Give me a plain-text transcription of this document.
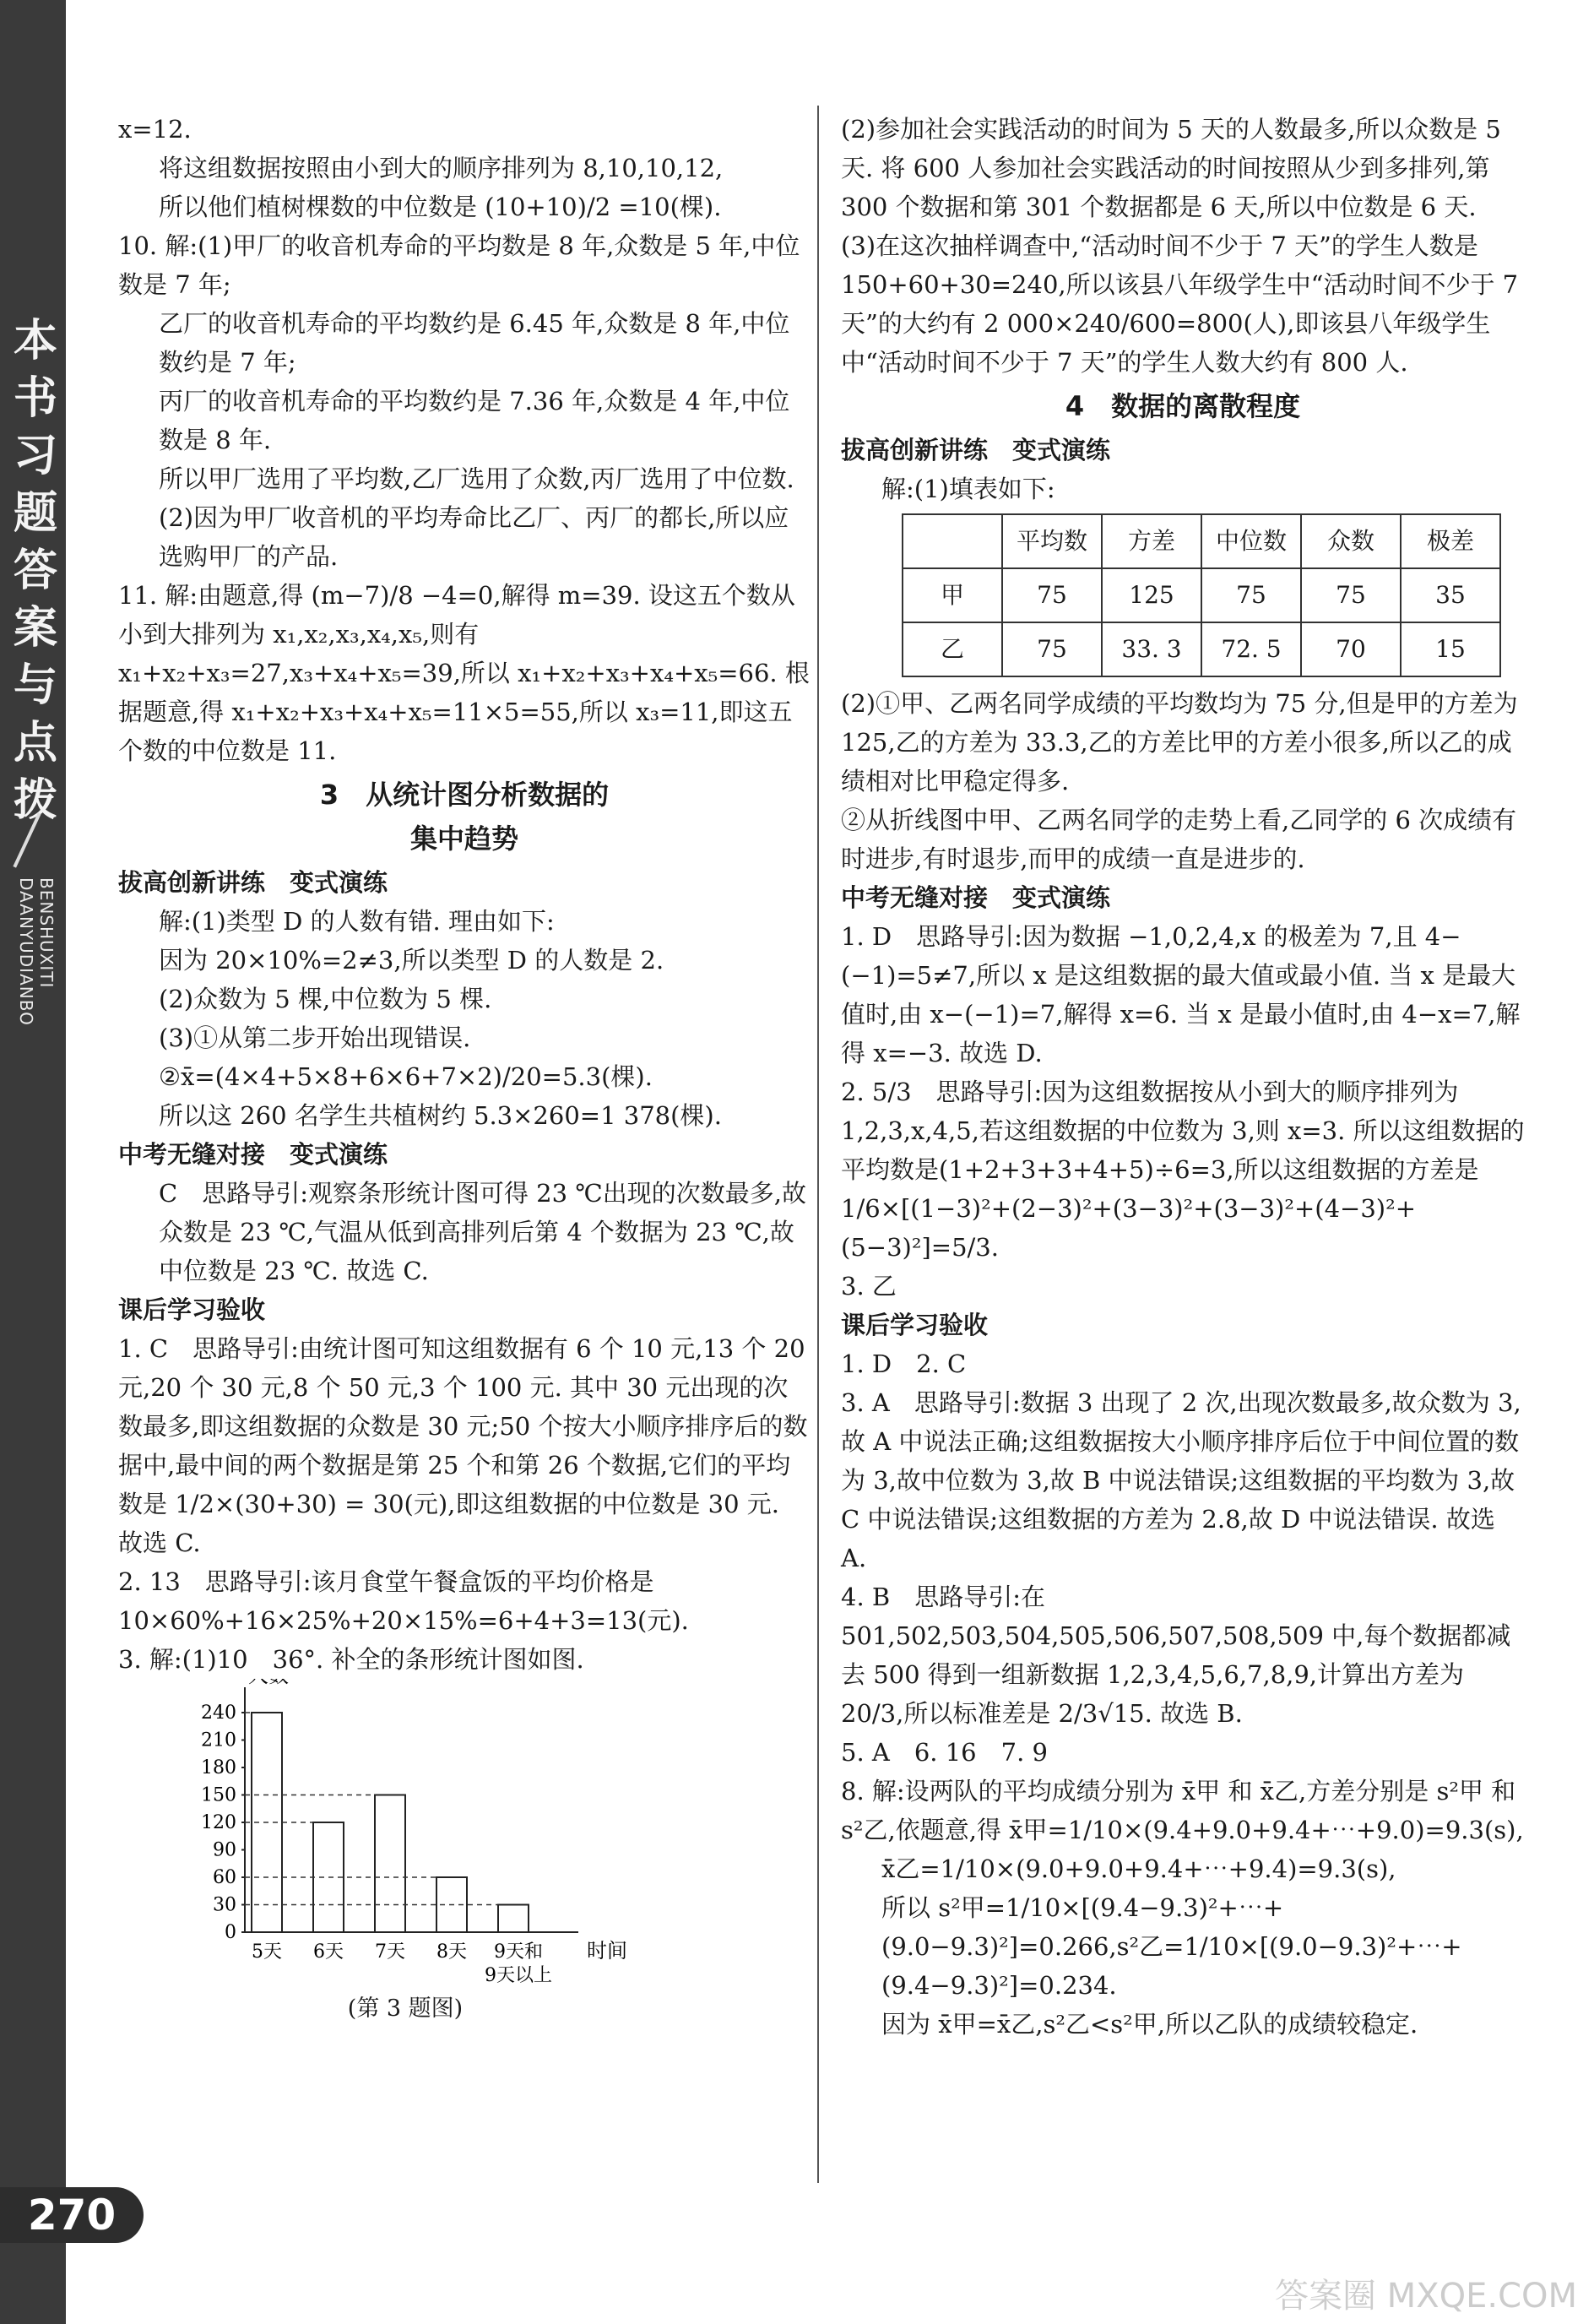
本
书
习
题
答
案
与
点
拨
BENSHUXITI DAANYUDIANBO
270

x=12.

将这组数据按照由小到大的顺序排列为 8,10,10,12,

所以他们植树棵数的中位数是 (10+10)/2 =10(棵).

10. 解:(1)甲厂的收音机寿命的平均数是 8 年,众数是 5 年,中位数是 7 年;

乙厂的收音机寿命的平均数约是 6.45 年,众数是 8 年,中位数约是 7 年;

丙厂的收音机寿命的平均数约是 7.36 年,众数是 4 年,中位数是 8 年.

所以甲厂选用了平均数,乙厂选用了众数,丙厂选用了中位数.

(2)因为甲厂收音机的平均寿命比乙厂、丙厂的都长,所以应选购甲厂的产品.

11. 解:由题意,得 (m−7)/8 −4=0,解得 m=39. 设这五个数从小到大排列为 x₁,x₂,x₃,x₄,x₅,则有 x₁+x₂+x₃=27,x₃+x₄+x₅=39,所以 x₁+x₂+x₃+x₄+x₅=66. 根据题意,得 x₁+x₂+x₃+x₄+x₅=11×5=55,所以 x₃=11,即这五个数的中位数是 11.

3　从统计图分析数据的

集中趋势

拔高创新讲练　变式演练

解:(1)类型 D 的人数有错. 理由如下:

因为 20×10%=2≠3,所以类型 D 的人数是 2.

(2)众数为 5 棵,中位数为 5 棵.

(3)①从第二步开始出现错误.

②x̄=(4×4+5×8+6×6+7×2)/20=5.3(棵).

所以这 260 名学生共植树约 5.3×260=1 378(棵).

中考无缝对接　变式演练

C　思路导引:观察条形统计图可得 23 ℃出现的次数最多,故众数是 23 ℃,气温从低到高排列后第 4 个数据为 23 ℃,故中位数是 23 ℃. 故选 C.

课后学习验收

1. C　思路导引:由统计图可知这组数据有 6 个 10 元,13 个 20 元,20 个 30 元,8 个 50 元,3 个 100 元. 其中 30 元出现的次数最多,即这组数据的众数是 30 元;50 个按大小顺序排序后的数据中,最中间的两个数据是第 25 个和第 26 个数据,它们的平均数是 1/2×(30+30) = 30(元),即这组数据的中位数是 30 元. 故选 C.

2. 13　思路导引:该月食堂午餐盒饭的平均价格是 10×60%+16×25%+20×15%=6+4+3=13(元).

3. 解:(1)10　36°. 补全的条形统计图如图.

时间
0
30
60
90
120
150
180
210
240
5天 6天 7天 8天 9天和
9天以上

(第 3 题图)

(2)参加社会实践活动的时间为 5 天的人数最多,所以众数是 5 天. 将 600 人参加社会实践活动的时间按照从少到多排列,第 300 个数据和第 301 个数据都是 6 天,所以中位数是 6 天.

(3)在这次抽样调查中,“活动时间不少于 7 天”的学生人数是 150+60+30=240,所以该县八年级学生中“活动时间不少于 7 天”的大约有 2 000×240/600=800(人),即该县八年级学生中“活动时间不少于 7 天”的学生人数大约有 800 人.

4　数据的离散程度

拔高创新讲练　变式演练

解:(1)填表如下:

	平均数	方差	中位数	众数	极差
甲	75	125	75	75	35
乙	75	33. 3	72. 5	70	15

(2)①甲、乙两名同学成绩的平均数均为 75 分,但是甲的方差为 125,乙的方差为 33.3,乙的方差比甲的方差小很多,所以乙的成绩相对比甲稳定得多.

②从折线图中甲、乙两名同学的走势上看,乙同学的 6 次成绩有时进步,有时退步,而甲的成绩一直是进步的.

中考无缝对接　变式演练

1. D　思路导引:因为数据 −1,0,2,4,x 的极差为 7,且 4−(−1)=5≠7,所以 x 是这组数据的最大值或最小值. 当 x 是最大值时,由 x−(−1)=7,解得 x=6. 当 x 是最小值时,由 4−x=7,解得 x=−3. 故选 D.

2. 5/3　思路导引:因为这组数据按从小到大的顺序排列为 1,2,3,x,4,5,若这组数据的中位数为 3,则 x=3. 所以这组数据的平均数是(1+2+3+3+4+5)÷6=3,所以这组数据的方差是 1/6×[(1−3)²+(2−3)²+(3−3)²+(3−3)²+(4−3)²+(5−3)²]=5/3.

3. 乙

课后学习验收

1. D　2. C

3. A　思路导引:数据 3 出现了 2 次,出现次数最多,故众数为 3,故 A 中说法正确;这组数据按大小顺序排序后位于中间位置的数为 3,故中位数为 3,故 B 中说法错误;这组数据的平均数为 3,故 C 中说法错误;这组数据的方差为 2.8,故 D 中说法错误. 故选 A.

4. B　思路导引:在 501,502,503,504,505,506,507,508,509 中,每个数据都减去 500 得到一组新数据 1,2,3,4,5,6,7,8,9,计算出方差为 20/3,所以标准差是 2/3√15. 故选 B.

5. A　6. 16　7. 9

8. 解:设两队的平均成绩分别为 x̄甲 和 x̄乙,方差分别是 s²甲 和 s²乙,依题意,得 x̄甲=1/10×(9.4+9.0+9.4+⋯+9.0)=9.3(s),

x̄乙=1/10×(9.0+9.0+9.4+⋯+9.4)=9.3(s),

所以 s²甲=1/10×[(9.4−9.3)²+⋯+(9.0−9.3)²]=0.266,s²乙=1/10×[(9.0−9.3)²+⋯+(9.4−9.3)²]=0.234.

因为 x̄甲=x̄乙,s²乙<s²甲,所以乙队的成绩较稳定.

答案圈 MXQE.COM
